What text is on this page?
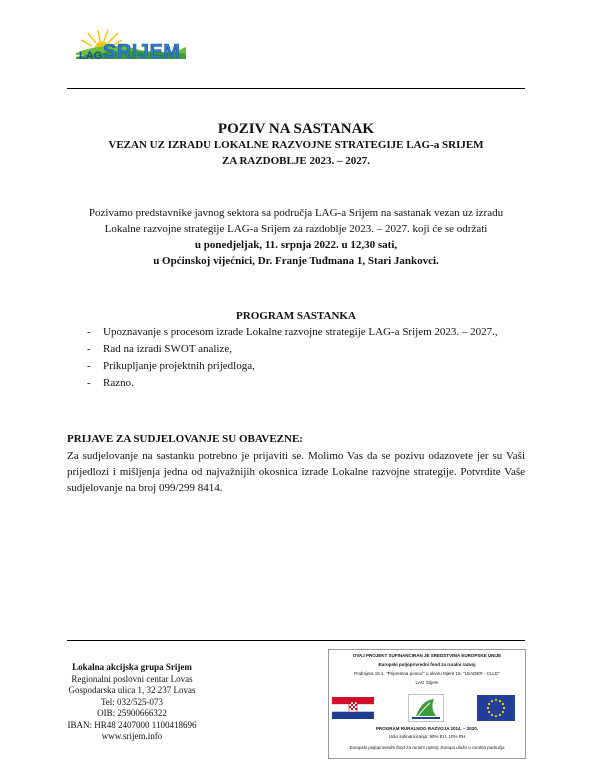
LAG SRIJEM
POZIV NA SASTANAK
VEZAN UZ IZRADU LOKALNE RAZVOJNE STRATEGIJE LAG-a SRIJEM
ZA RAZDOBLJE 2023. – 2027.
Pozivamo predstavnike javnog sektora sa područja LAG-a Srijem na sastanak vezan uz izradu
Lokalne razvojne strategije LAG-a Srijem za razdoblje 2023. – 2027. koji će se održati
u ponedjeljak, 11. srpnja 2022. u 12,30 sati,
u Općinskoj vijećnici, Dr. Franje Tuđmana 1, Stari Jankovci.
PROGRAM SASTANKA
- Upoznavanje s procesom izrade Lokalne razvojne strategije LAG-a Srijem 2023. – 2027.,
- Rad na izradi SWOT analize,
- Prikupljanje projektnih prijedloga,
- Razno.
PRIJAVE ZA SUDJELOVANJE SU OBAVEZNE:
Za sudjelovanje na sastanku potrebno je prijaviti se. Molimo Vas da se pozivu odazovete jer su Vaši prijedlozi i mišljenja jedna od najvažnijih okosnica izrade Lokalne razvojne strategije. Potvrdite Vaše sudjelovanje na broj 099/299 8414.
Lokalna akcijska grupa Srijem
Regionalni poslovni centar Lovas
Gospodarska ulica 1, 32 237 Lovas
Tel: 032/525-073
OIB: 25900666322
IBAN: HR48 2407000 1100418696
www.srijem.info
OVAJ PROJEKT SUFINANCIRAN JE SREDSTVIMA EUROPSKE UNIJE
Europski poljoprivredni fond za ruralni razvoj
Podmjera 19.1. "Pripremna pomoć" u okviru Mjere 19. "LEADER - CLLD"
LAG Srijem
PROGRAM RURALNOG RAZVOJA 2014. – 2020.
Udio sufinanciranja: 90% EU, 10% RH
Europski poljoprivredni fond za ruralni razvoj: Europa ulaže u ruralna područja
